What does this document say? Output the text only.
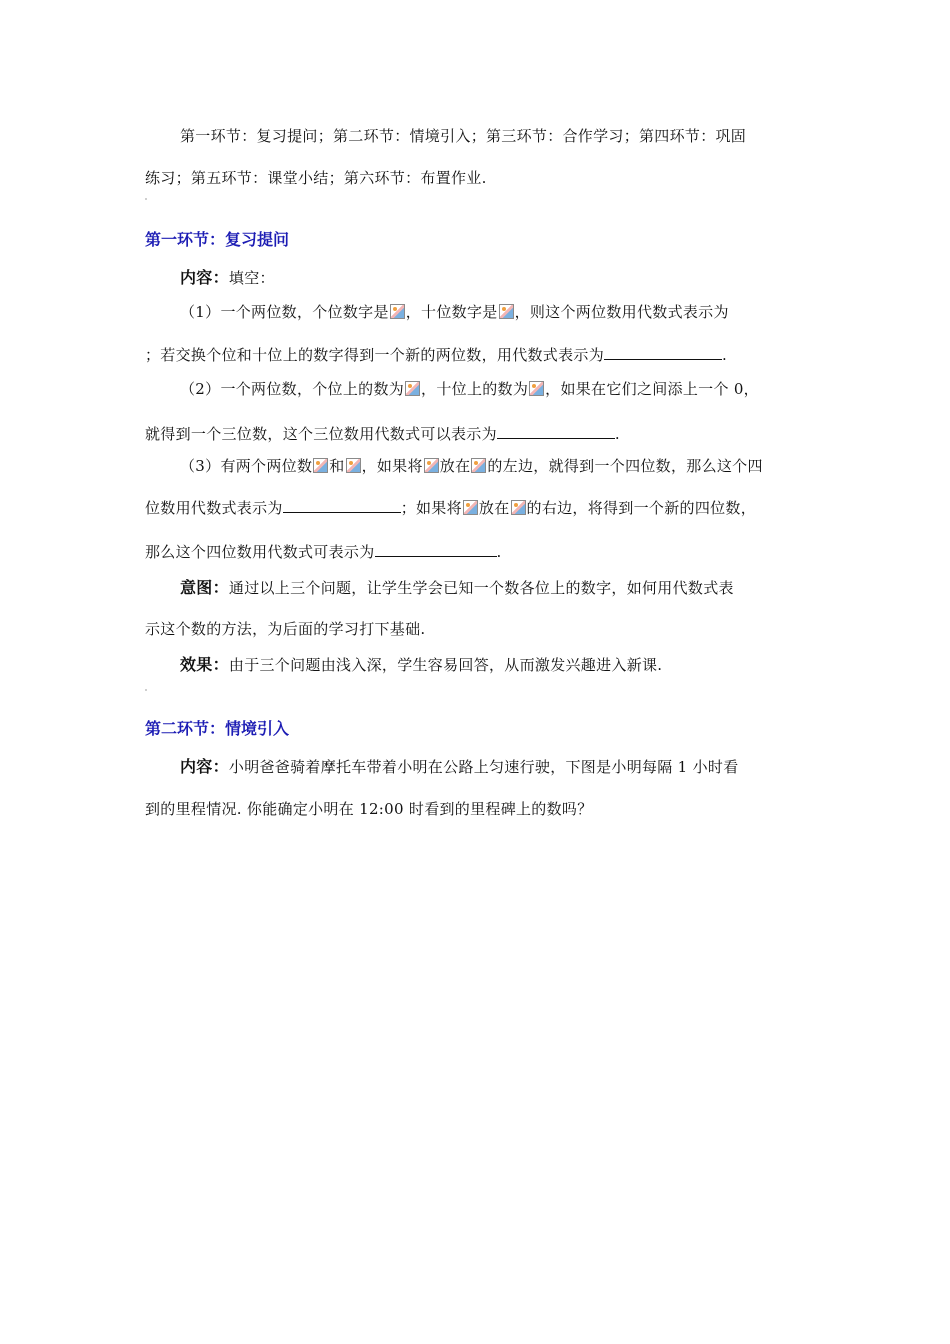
第一环节：复习提问；第二环节：情境引入；第三环节：合作学习；第四环节：巩固
练习；第五环节：课堂小结；第六环节：布置作业.
第一环节：复习提问
内容：填空：
（1）一个两位数，个位数字是 ，十位数字是 ，则这个两位数用代数式表示为
；若交换个位和十位上的数字得到一个新的两位数，用代数式表示为	.
（2）一个两位数，个位上的数为 ，十位上的数为 ，如果在它们之间添上一个 0，
就得到一个三位数，这个三位数用代数式可以表示为	.
（3）有两个两位数 和 ，如果将 放在 的左边，就得到一个四位数，那么这个四
位数用代数式表示为	；如果将 放在 的右边，将得到一个新的四位数，
那么这个四位数用代数式可表示为	.
意图：通过以上三个问题，让学生学会已知一个数各位上的数字，如何用代数式表
示这个数的方法，为后面的学习打下基础.
效果：由于三个问题由浅入深，学生容易回答，从而激发兴趣进入新课.
第二环节：情境引入
内容：小明爸爸骑着摩托车带着小明在公路上匀速行驶，下图是小明每隔 1 小时看
到的里程情况. 你能确定小明在 12:00 时看到的里程碑上的数吗？
